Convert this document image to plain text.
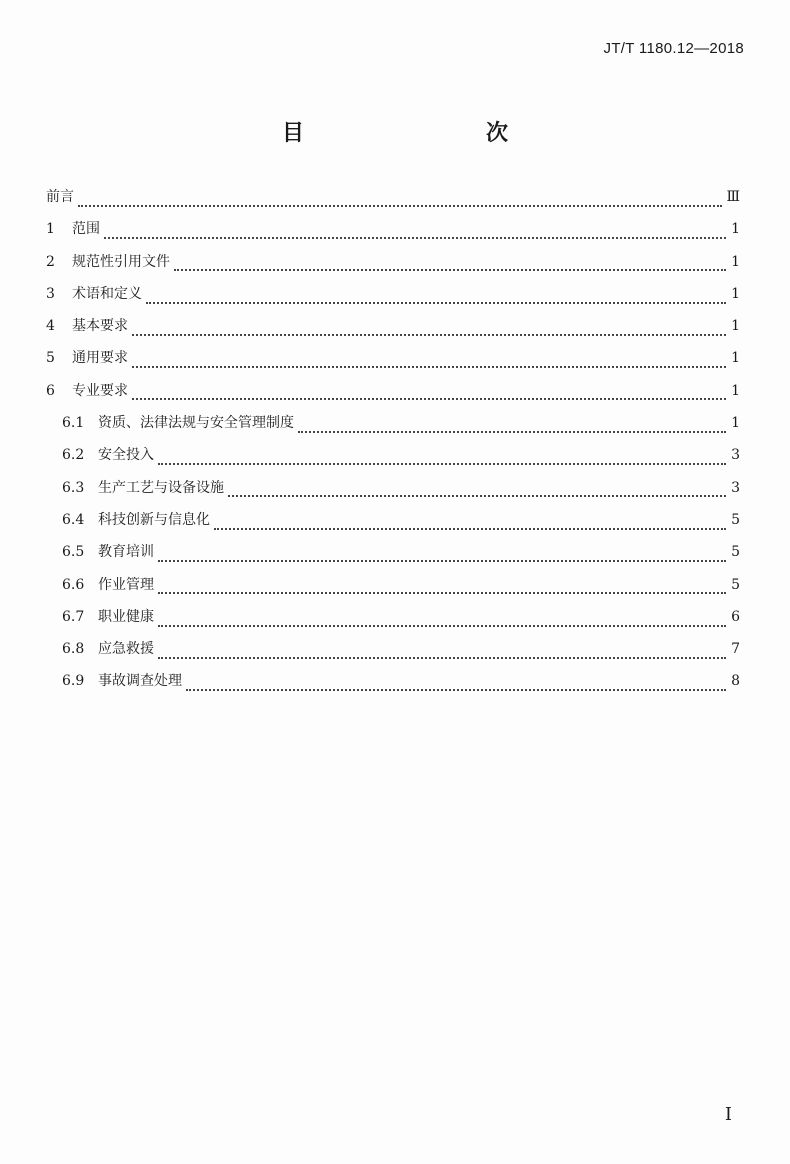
JT/T 1180.12—2018
目　　次
前言	Ⅲ
1	范围	1
2	规范性引用文件	1
3	术语和定义	1
4	基本要求	1
5	通用要求	1
6	专业要求	1
6.1 资质、法律法规与安全管理制度	1
6.2 安全投入	3
6.3 生产工艺与设备设施	3
6.4 科技创新与信息化	5
6.5 教育培训	5
6.6 作业管理	5
6.7 职业健康	6
6.8 应急救援	7
6.9 事故调查处理	8
I
